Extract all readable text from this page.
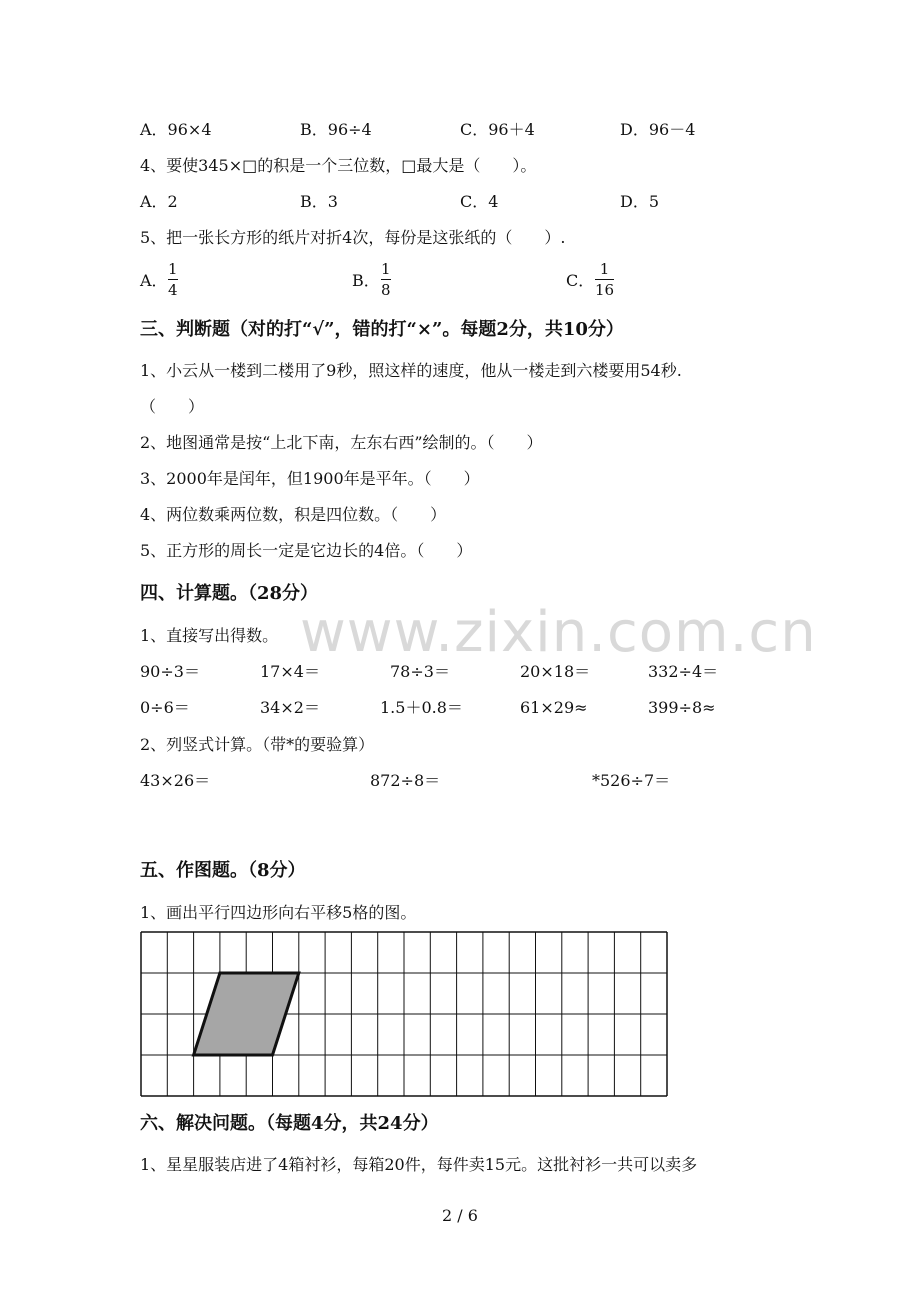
www.zixin.com.cn
A．96×4	B．96÷4	C．96＋4	D．96－4
4、要使345×□的积是一个三位数，□最大是（　　）。
A．2	B．3	C．4	D．5
5、把一张长方形的纸片对折4次，每份是这张纸的（　　）.
A．
1
4	B．
1
8	C．
1
16
三、判断题（对的打“√”，错的打“×”。每题2分，共10分）
1、小云从一楼到二楼用了9秒，照这样的速度，他从一楼走到六楼要用54秒.
（　　）
2、地图通常是按“上北下南，左东右西”绘制的。（　　）
3、2000年是闰年，但1900年是平年。（　　）
4、两位数乘两位数，积是四位数。（　　）
5、正方形的周长一定是它边长的4倍。（　　）
四、计算题。（28分）
1、直接写出得数。
90÷3＝	17×4＝	78÷3＝	20×18＝	332÷4＝
0÷6＝	34×2＝	1.5＋0.8＝	61×29≈	399÷8≈
2、列竖式计算。（带*的要验算）
43×26＝	872÷8＝	*526÷7＝
五、作图题。（8分）
1、画出平行四边形向右平移5格的图。
六、解决问题。（每题4分，共24分）
1、星星服装店进了4箱衬衫，每箱20件，每件卖15元。这批衬衫一共可以卖多
2 / 6
